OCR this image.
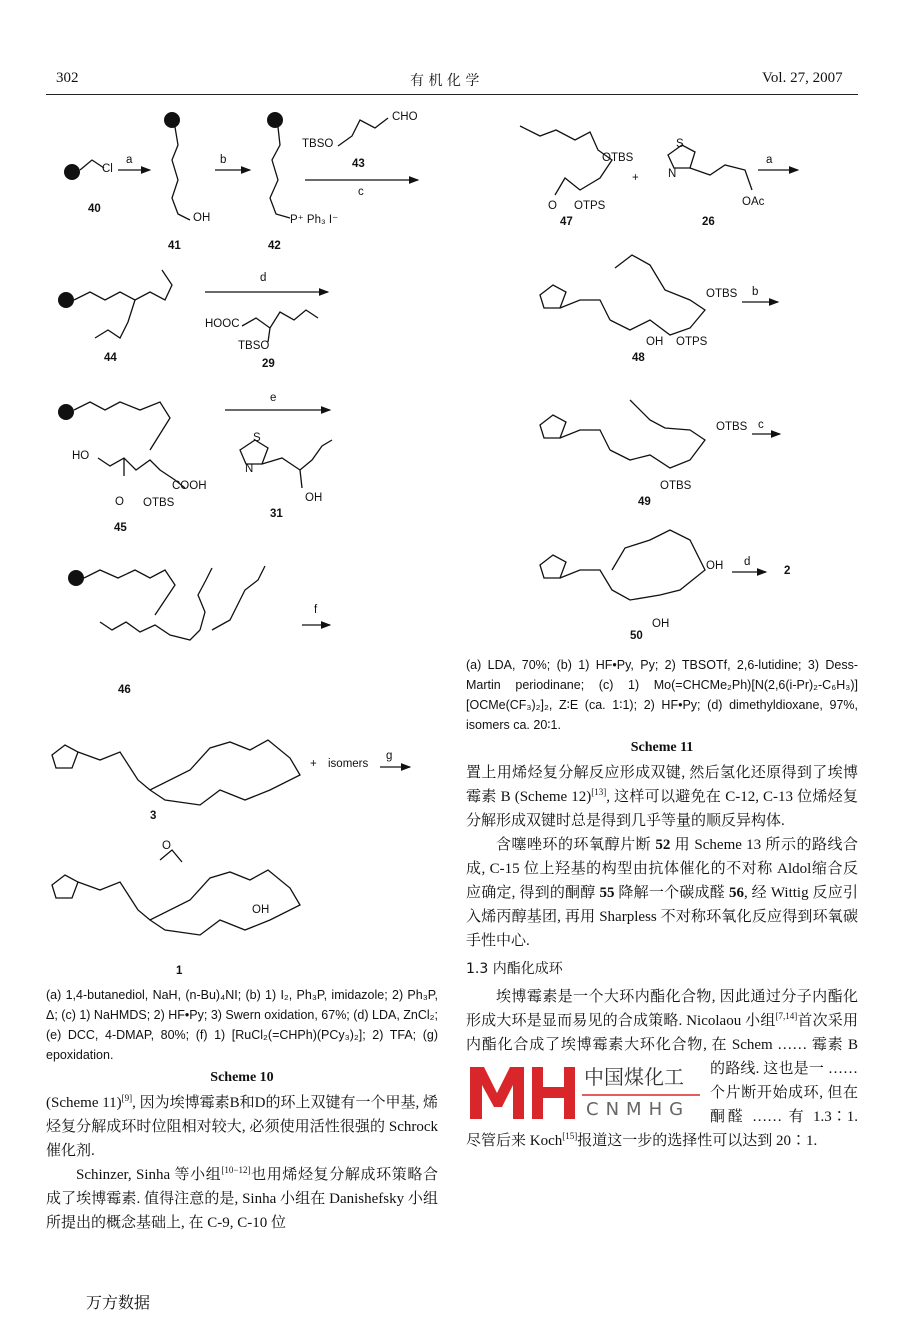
302	有 机 化 学	Vol. 27, 2007
Cl
OH	P⁺ Ph₃ I⁻
TBSO
CHO
HOOC
TBSO
HO
COOH
O OTBS
S
N
OH
+ isomers
OH
O
a	b
c
d
e
f
g
40
41	42
43
44	29
45
31
46
3
1
OTBS
OTPS
O
+
OAc
S
N
OTBS
OH OTPS
OTBS
OTBS
OH
OH
a
b
c
d
47	26
48
49
50
2
(a) 1,4-butanediol, NaH, (n-Bu)₄NI; (b) 1) I₂, Ph₃P, imidazole; 2) Ph₃P, Δ; (c) 1) NaHMDS; 2) HF•Py; 3) Swern oxidation, 67%; (d) LDA, ZnCl₂; (e) DCC, 4-DMAP, 80%; (f) 1) [RuCl₂(=CHPh)(PCy₃)₂]; 2) TFA; (g) epoxidation.
Scheme 10

(Scheme 11)[9], 因为埃博霉素B和D的环上双键有一个甲基, 烯烃复分解成环时位阻相对较大, 必须使用活性很强的 Schrock 催化剂.

Schinzer, Sinha 等小组[10−12]也用烯烃复分解成环策略合成了埃博霉素. 值得注意的是, Sinha 小组在 Danishefsky 小组所提出的概念基础上, 在 C-9, C-10 位

(a) LDA, 70%; (b) 1) HF•Py, Py; 2) TBSOTf, 2,6-lutidine; 3) Dess-Martin periodinane; (c) 1) Mo(=CHCMe₂Ph)[N(2,6(i-Pr)₂-C₆H₃)][OCMe(CF₃)₂]₂, Z∶E (ca. 1∶1); 2) HF•Py; (d) dimethyldioxane, 97%, isomers ca. 20∶1.
Scheme 11

置上用烯烃复分解反应形成双键, 然后氢化还原得到了埃博霉素 B (Scheme 12)[13], 这样可以避免在 C-12, C-13 位烯烃复分解形成双键时总是得到几乎等量的顺反异构体.

含噻唑环的环氧醇片断 52 用 Scheme 13 所示的路线合成, C-15 位上羟基的构型由抗体催化的不对称 Aldol缩合反应确定, 得到的酮醇 55 降解一个碳成醛 56, 经 Wittig 反应引入烯丙醇基团, 再用 Sharpless 不对称环氧化反应得到环氧碳手性中心.

1.3 内酯化成环

埃博霉素是一个大环内酯化合物, 因此通过分子内酯化形成大环是显而易见的合成策略. Nicolaou 小组[7,14]首次采用内酯化合成了埃博霉素大环化合物, 在 Schem
中国煤化工
CNMHG
…… 霉素 B 的路线. 这也是一 …… 个片断开始成环, 但在酮醛 …… 有 1.3∶1. 尽管后来 Koch[15]报道这一步的选择性可以达到 20∶1.

万方数据
